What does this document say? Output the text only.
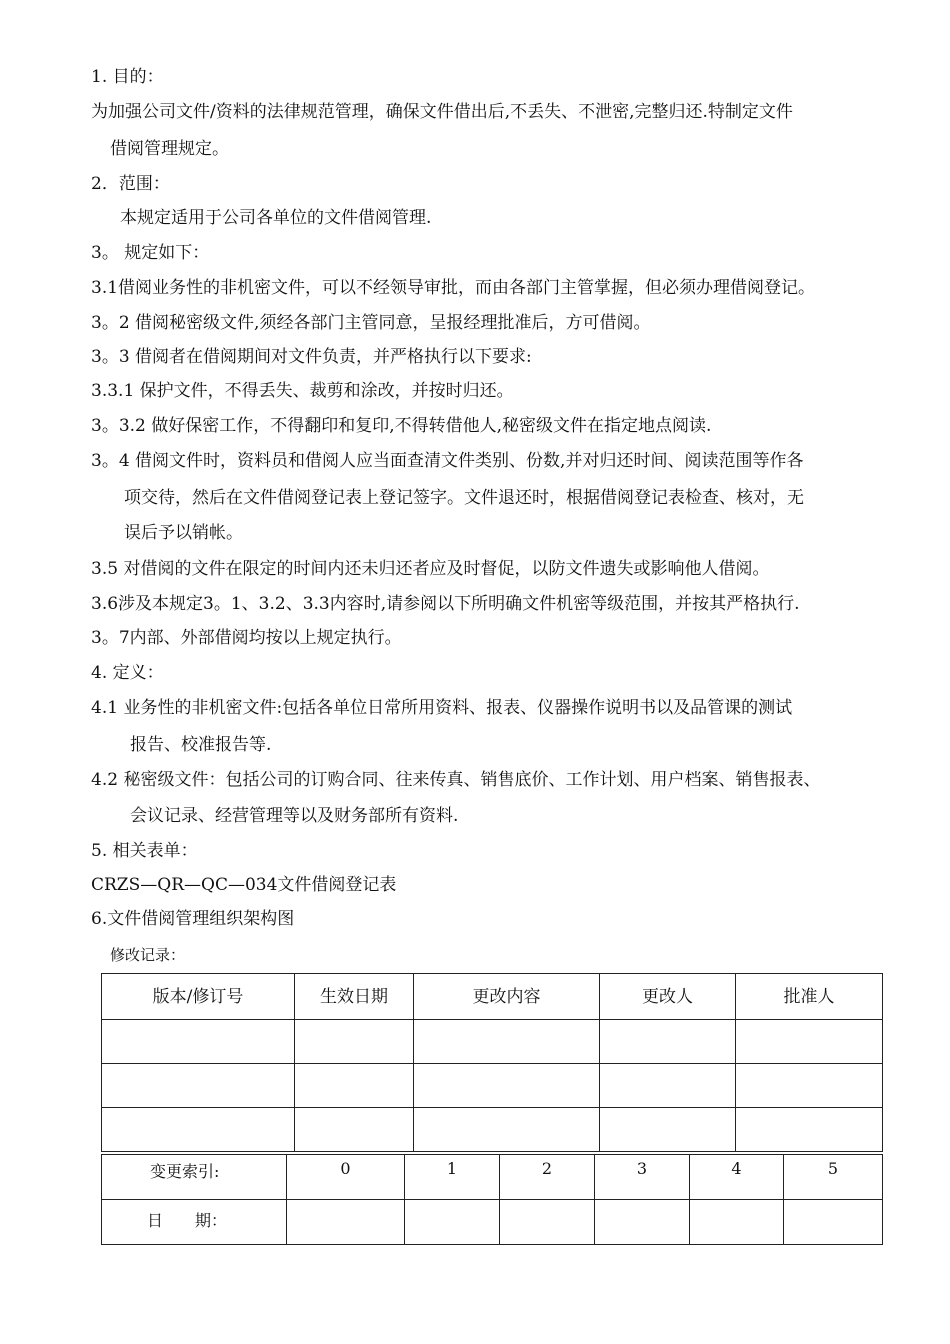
1. 目的：
为加强公司文件/资料的法律规范管理，确保文件借出后,不丢失、不泄密,完整归还.特制定文件
借阅管理规定。
2．范围：
本规定适用于公司各单位的文件借阅管理.
3。 规定如下：
3.1借阅业务性的非机密文件，可以不经领导审批，而由各部门主管掌握，但必须办理借阅登记。
3。2 借阅秘密级文件,须经各部门主管同意，呈报经理批准后，方可借阅。
3。3 借阅者在借阅期间对文件负责，并严格执行以下要求:
3.3.1 保护文件，不得丢失、裁剪和涂改，并按时归还。
3。3.2 做好保密工作，不得翻印和复印,不得转借他人,秘密级文件在指定地点阅读.
3。4 借阅文件时，资料员和借阅人应当面查清文件类别、份数,并对归还时间、阅读范围等作各
项交待，然后在文件借阅登记表上登记签字。文件退还时，根据借阅登记表检查、核对，无
误后予以销帐。
3.5 对借阅的文件在限定的时间内还未归还者应及时督促，以防文件遗失或影响他人借阅。
3.6涉及本规定3。1、3.2、3.3内容时,请参阅以下所明确文件机密等级范围，并按其严格执行.
3。7内部、外部借阅均按以上规定执行。
4. 定义：
4.1 业务性的非机密文件:包括各单位日常所用资料、报表、仪器操作说明书以及品管课的测试
报告、校准报告等.
4.2 秘密级文件：包括公司的订购合同、往来传真、销售底价、工作计划、用户档案、销售报表、
会议记录、经营管理等以及财务部所有资料.
5. 相关表单：
CRZS—QR—QC—034文件借阅登记表
6.文件借阅管理组织架构图
修改记录：
版本/修订号	生效日期	更改内容	更改人	批准人

变更索引:	0	1	2	3	4	5
日　　期：						
